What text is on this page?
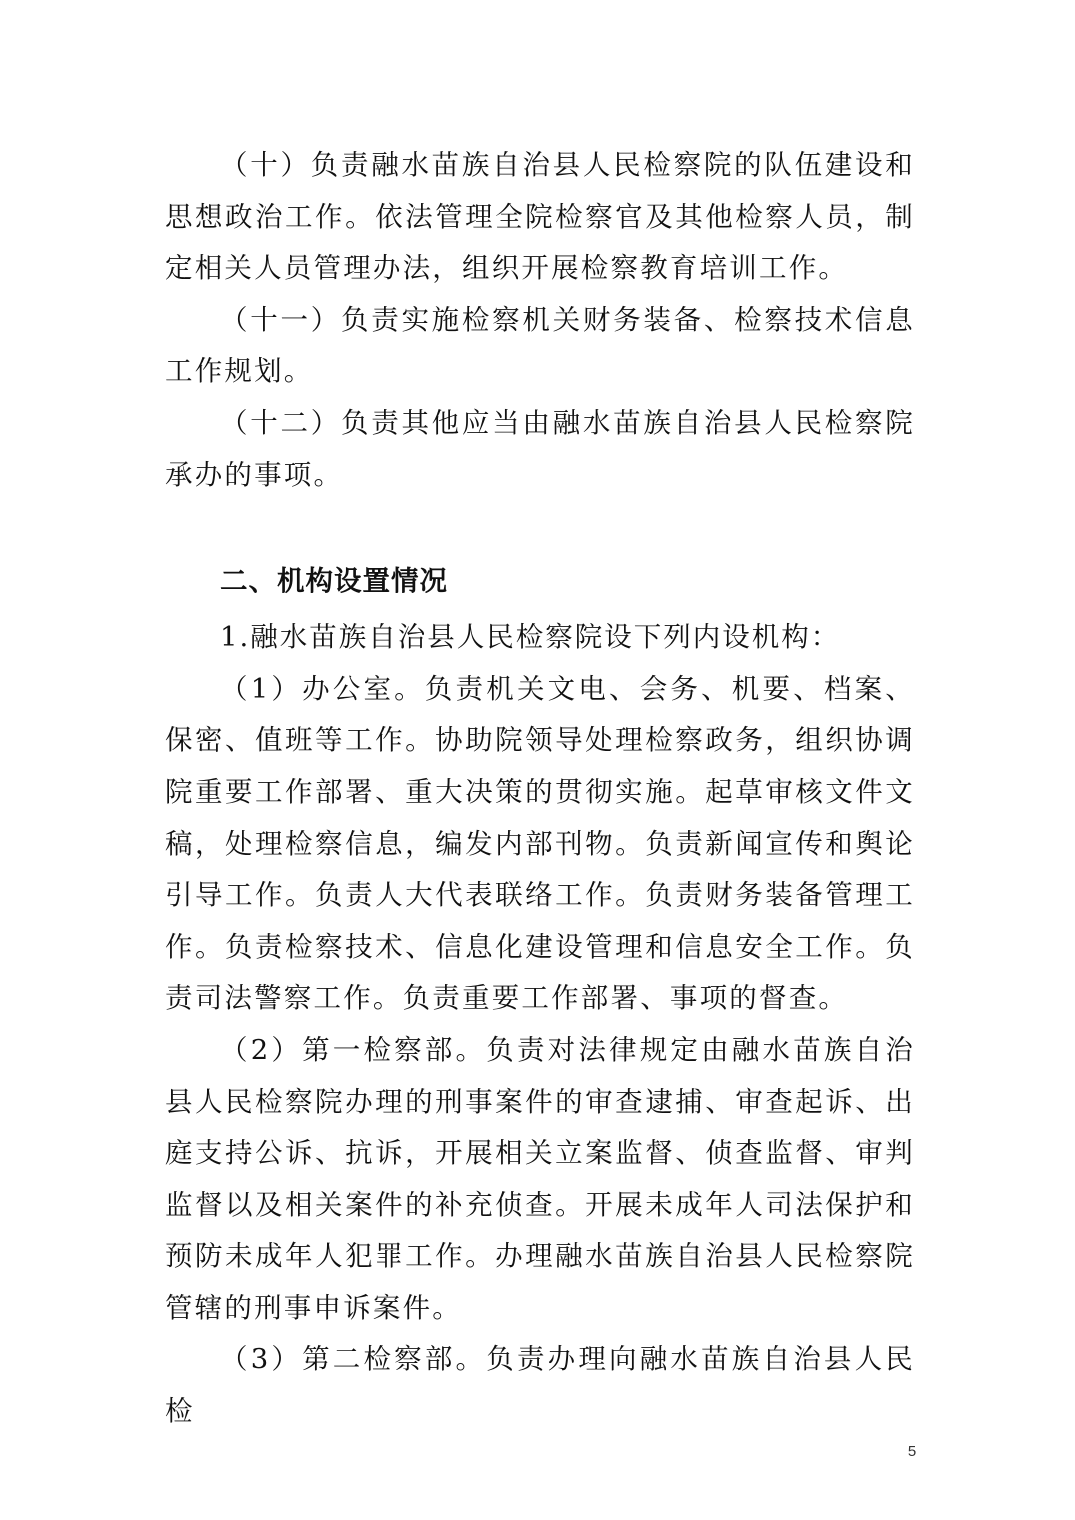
（十）负责融水苗族自治县人民检察院的队伍建设和思想政治工作。依法管理全院检察官及其他检察人员，制定相关人员管理办法，组织开展检察教育培训工作。

（十一）负责实施检察机关财务装备、检察技术信息工作规划。

（十二）负责其他应当由融水苗族自治县人民检察院承办的事项。

二、机构设置情况

1.融水苗族自治县人民检察院设下列内设机构：

（1）办公室。负责机关文电、会务、机要、档案、保密、值班等工作。协助院领导处理检察政务，组织协调院重要工作部署、重大决策的贯彻实施。起草审核文件文稿，处理检察信息，编发内部刊物。负责新闻宣传和舆论引导工作。负责人大代表联络工作。负责财务装备管理工作。负责检察技术、信息化建设管理和信息安全工作。负责司法警察工作。负责重要工作部署、事项的督查。

（2）第一检察部。负责对法律规定由融水苗族自治县人民检察院办理的刑事案件的审查逮捕、审查起诉、出庭支持公诉、抗诉，开展相关立案监督、侦查监督、审判监督以及相关案件的补充侦查。开展未成年人司法保护和预防未成年人犯罪工作。办理融水苗族自治县人民检察院管辖的刑事申诉案件。

（3）第二检察部。负责办理向融水苗族自治县人民检

5
